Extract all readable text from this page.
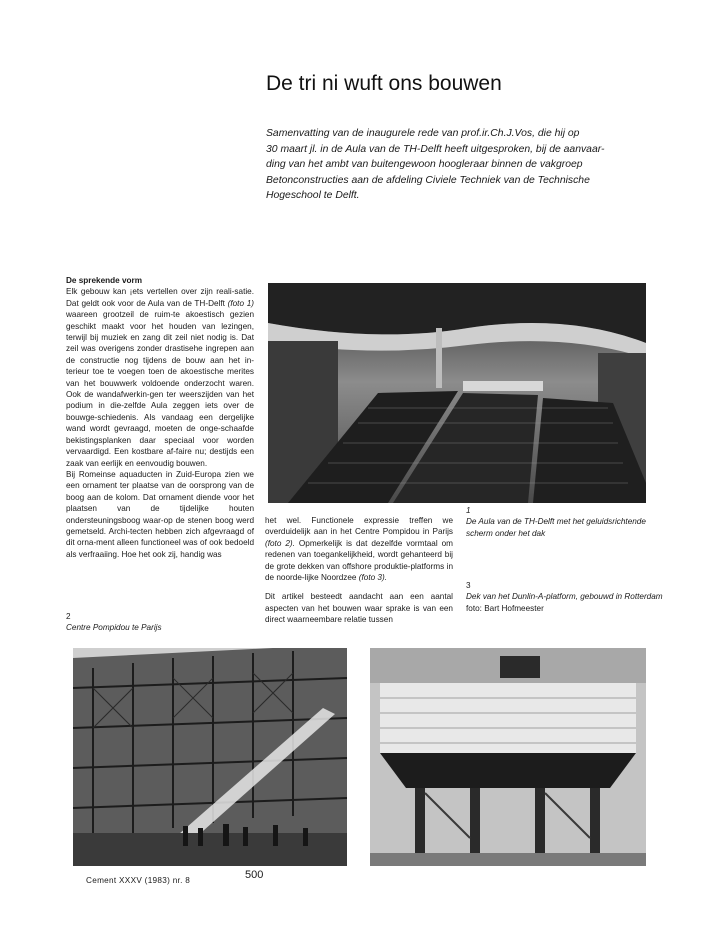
De tri ni wuft ons bouwen
Samenvatting van de inaugurele rede van prof.ir.Ch.J.Vos, die hij op
30 maart jl. in de Aula van de TH-Delft heeft uitgesproken, bij de aanvaar-
ding van het ambt van buitengewoon hoogleraar binnen de vakgroep
Betonconstructies aan de afdeling Civiele Techniek van de Technische
Hogeschool te Delft.

De sprekende vorm

Elk gebouw kan ¡ets vertellen over zijn reali-satie. Dat geldt ook voor de Aula van de TH-Delft (foto 1) waareen grootzeil de ruim-te akoestisch gezien geschikt maakt voor het houden van lezingen, terwijl bij muziek en zang dit zeil niet nodig is. Dat zeil was overigens zonder drastisehe ingrepen aan de constructie nog tijdens de bouw aan het in-terieur toe te voegen toen de akoestische merites van het bouwwerk voldoende onderzocht waren. Ook de wandafwerkin-gen ter weerszijden van het podium in die-zelfde Aula zeggen iets over de bouwge-schiedenis. Als vandaag een dergelijke wand wordt gevraagd, moeten de onge-schaafde bekistingsplanken daar speciaal voor worden vervaardigd. Een kostbare af-faire nu; destijds een zaak van eerlijk en eenvoudig bouwen.

Bij Romeinse aquaducten in Zuid-Europa zien we een ornament ter plaatse van de oorsprong van de boog aan de kolom. Dat ornament diende voor het plaatsen van de tijdelijke houten ondersteuningsboog waar-op de stenen boog werd gemetseld. Archi-tecten hebben zich afgevraagd of dit orna-ment alleen functioneel was of ook bedoeld als verfraaiing. Hoe het ook zij, handig was

het wel. Functionele expressie treffen we overduidelijk aan in het Centre Pompidou in Parijs (foto 2). Opmerkelijk is dat dezelfde vormtaal om redenen van toegankelijkheid, wordt gehanteerd bij de grote dekken van offshore produktie-platforms in de noorde-lijke Noordzee (foto 3).

Dit artikel besteedt aandacht aan een aantal aspecten van het bouwen waar sprake is van een direct waarneembare relatie tussen

1
De Aula van de TH-Delft met het geluidsrichtende scherm onder het dak
3
Dek van het Dunlin-A-platform, gebouwd in Rotterdam
foto: Bart Hofmeester
2
Centre Pompidou te Parijs
500
Cement XXXV (1983) nr. 8
